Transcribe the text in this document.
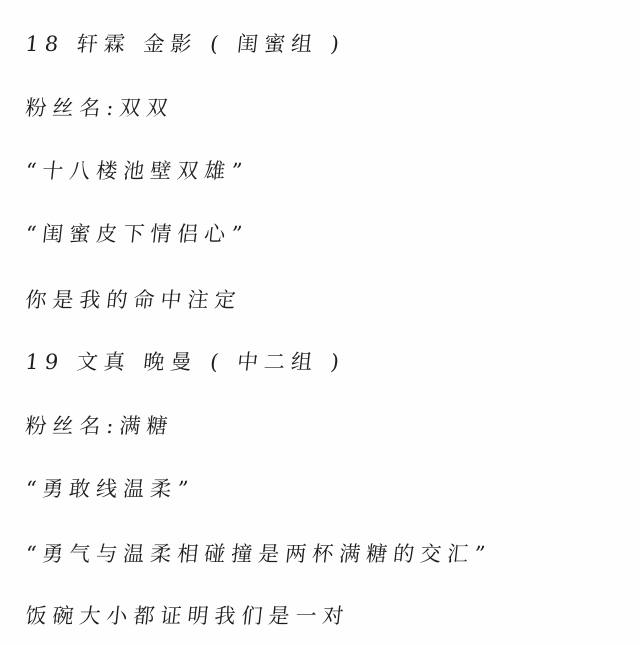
18 轩霖 金影 ( 闺蜜组 )
粉丝名:双双
“十八楼池壁双雄”
“闺蜜皮下情侣心”
你是我的命中注定
19 文真 晚曼 ( 中二组 )
粉丝名:满糖
“勇敢线温柔”
“勇气与温柔相碰撞是两杯满糖的交汇”
饭碗大小都证明我们是一对
